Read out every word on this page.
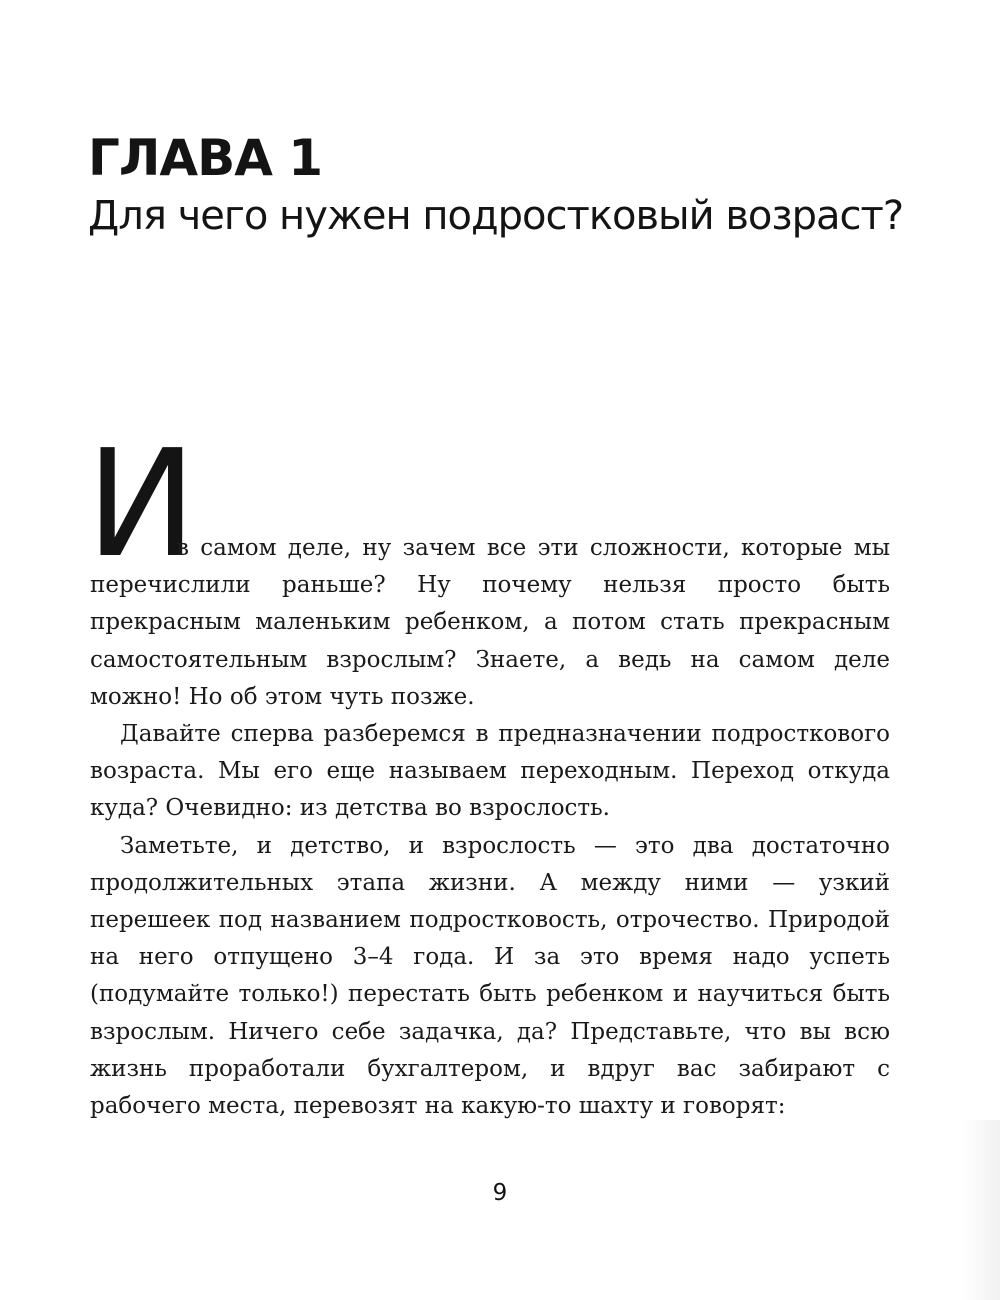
ГЛАВА 1
Для чего нужен подростковый возраст?
И

в самом деле, ну зачем все эти сложности, которые мы перечислили раньше? Ну почему нельзя просто быть прекрасным маленьким ребенком, а потом стать прекрасным самостоятельным взрослым? Знаете, а ведь на самом деле можно! Но об этом чуть позже.

Давайте сперва разберемся в предназначении подросткового возраста. Мы его еще называем переходным. Переход откуда куда? Очевидно: из детства во взрослость.

Заметьте, и детство, и взрослость — это два достаточно продолжительных этапа жизни. А между ними — узкий перешеек под названием подростковость, отрочество. Природой на него отпущено 3–4 года. И за это время надо успеть (подумайте только!) перестать быть ребенком и научиться быть взрослым. Ничего себе задачка, да? Представьте, что вы всю жизнь проработали бухгалтером, и вдруг вас забирают с рабочего места, перевозят на какую-то шахту и говорят:

9
